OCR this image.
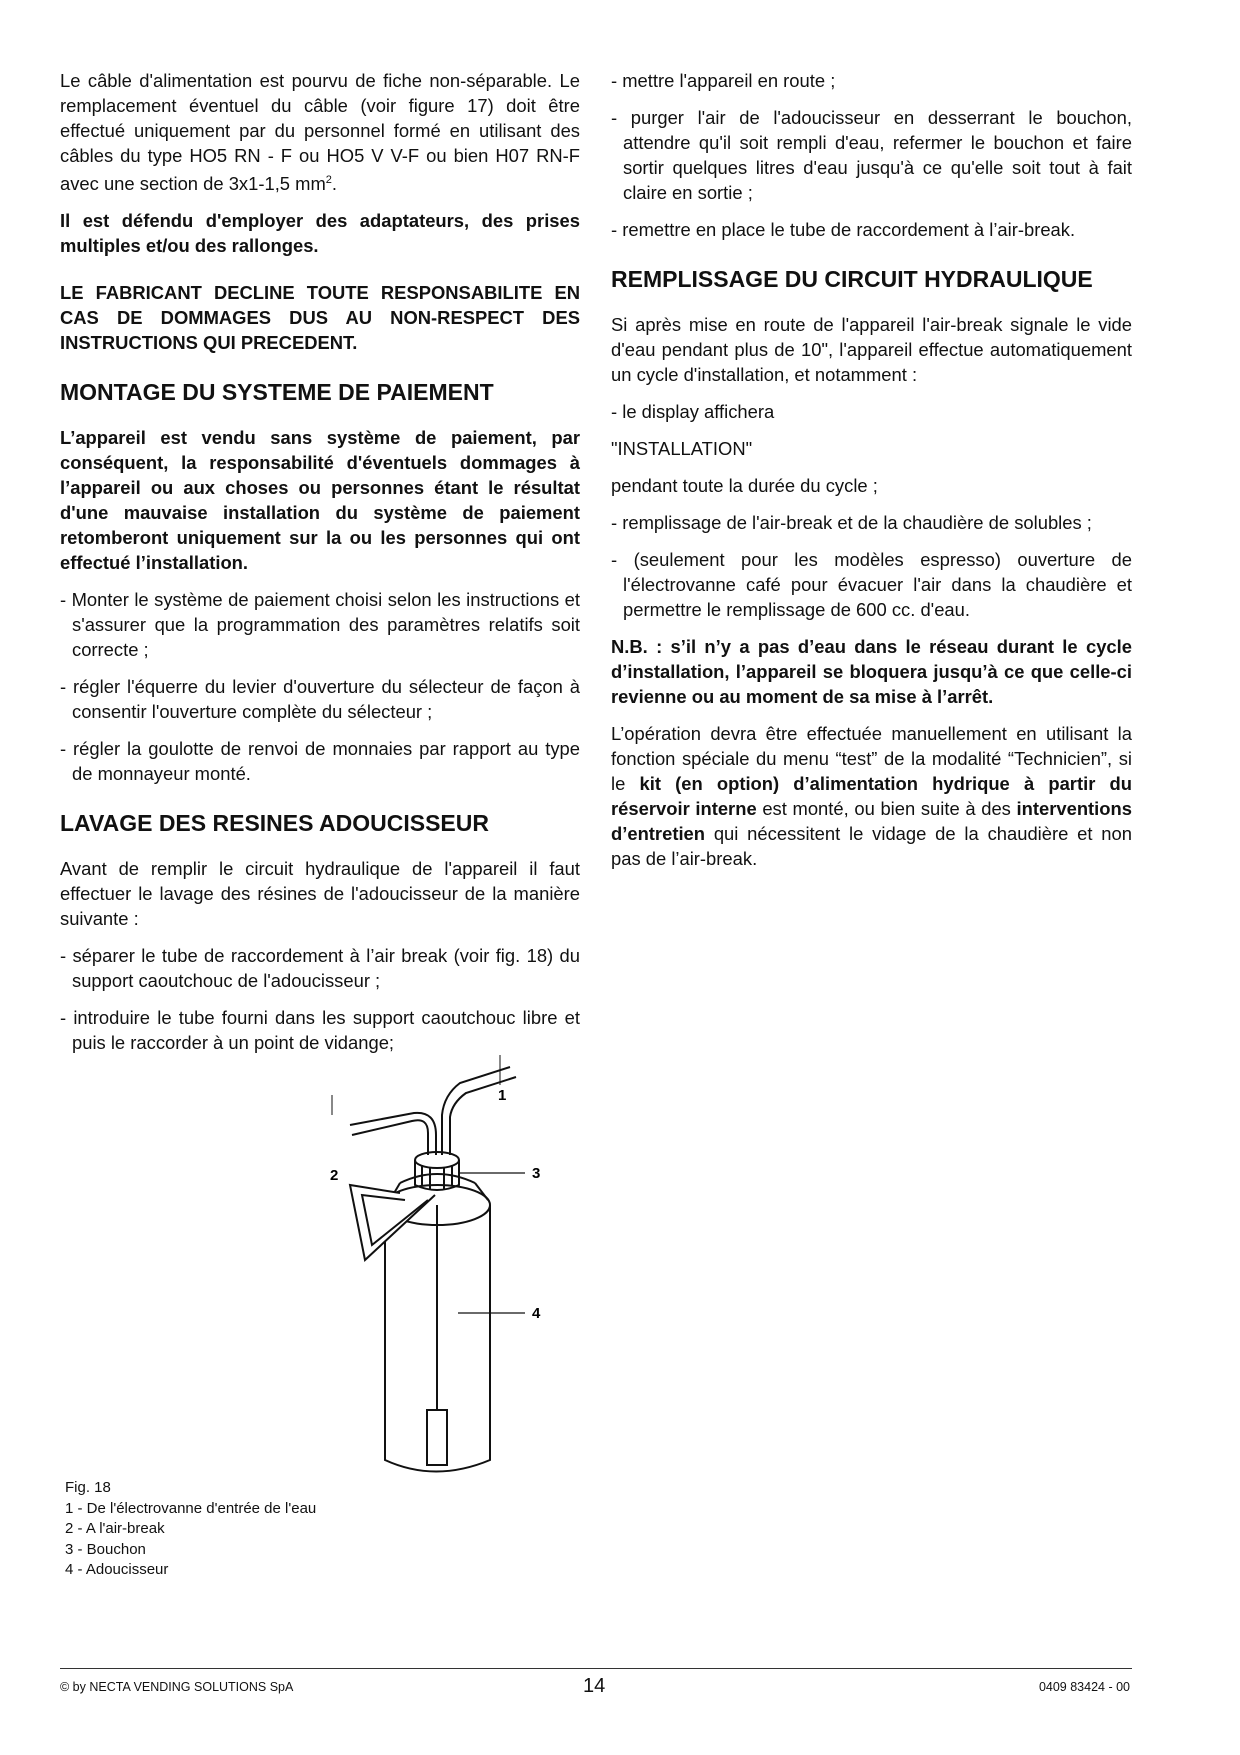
Le câble d'alimentation est pourvu de fiche non-séparable. Le remplacement éventuel du câble (voir figure 17) doit être effectué uniquement par du personnel formé en utilisant des câbles du type HO5 RN - F ou HO5 V V-F ou bien H07 RN-F avec une section de 3x1-1,5 $mm^2$.

Il est défendu d'employer des adaptateurs, des prises multiples et/ou des rallonges.

LE FABRICANT DECLINE TOUTE RESPONSABILITE EN CAS DE DOMMAGES DUS AU NON-RESPECT DES INSTRUCTIONS QUI PRECEDENT.

MONTAGE DU SYSTEME DE PAIEMENT

L’appareil est vendu sans système de paiement, par conséquent, la responsabilité d'éventuels dommages à l’appareil ou aux choses ou personnes étant le résultat d'une mauvaise installation du système de paiement retomberont uniquement sur la ou les personnes qui ont effectué l’installation.

- Monter le système de paiement choisi selon les instructions et s'assurer que la programmation des paramètres relatifs soit correcte ;

- régler l'équerre du levier d'ouverture du sélecteur de façon à consentir l'ouverture complète du sélecteur ;

- régler la goulotte de renvoi de monnaies par rapport au type de monnayeur monté.

LAVAGE DES RESINES ADOUCISSEUR

Avant de remplir le circuit hydraulique de l'appareil il faut effectuer le lavage des résines de l'adoucisseur de la manière suivante :

- séparer le tube de raccordement à l’air break (voir fig. 18) du support caoutchouc de l'adoucisseur ;

- introduire le tube fourni dans les support caoutchouc libre et puis le raccorder à un point de vidange;

- mettre l'appareil en route ;

- purger l'air de l'adoucisseur en desserrant le bouchon, attendre qu'il soit rempli d'eau, refermer le bouchon et faire sortir quelques litres d'eau jusqu'à ce qu'elle soit tout à fait claire en sortie ;

- remettre en place le tube de raccordement à l’air-break.

REMPLISSAGE DU CIRCUIT HYDRAULIQUE

Si après mise en route de l'appareil l'air-break signale le vide d'eau pendant plus de 10", l'appareil effectue automatiquement un cycle d'installation, et notamment :

- le display affichera

"INSTALLATION"

pendant toute la durée du cycle ;

- remplissage de l'air-break et de la chaudière de solubles ;

- (seulement pour les modèles espresso) ouverture de l'électrovanne café pour évacuer l'air dans la chaudière et permettre le remplissage de 600 cc. d'eau.

N.B. : s’il n’y a pas d’eau dans le réseau durant le cycle d’installation, l’appareil se bloquera jusqu’à ce que celle-ci revienne ou au moment de sa mise à l’arrêt.

L’opération devra être effectuée manuellement en utilisant la fonction spéciale du menu “test” de la modalité “Technicien”, si le kit (en option) d’alimentation hydrique à partir du réservoir interne est monté, ou bien suite à des interventions d’entretien qui nécessitent le vidage de la chaudière et non pas de l’air-break.

1
2	3
4
Fig. 18
1 - De l'électrovanne d'entrée de l'eau
2 - A l'air-break
3 - Bouchon
4 - Adoucisseur
© by NECTA VENDING SOLUTIONS SpA	14	0409 83424 - 00
